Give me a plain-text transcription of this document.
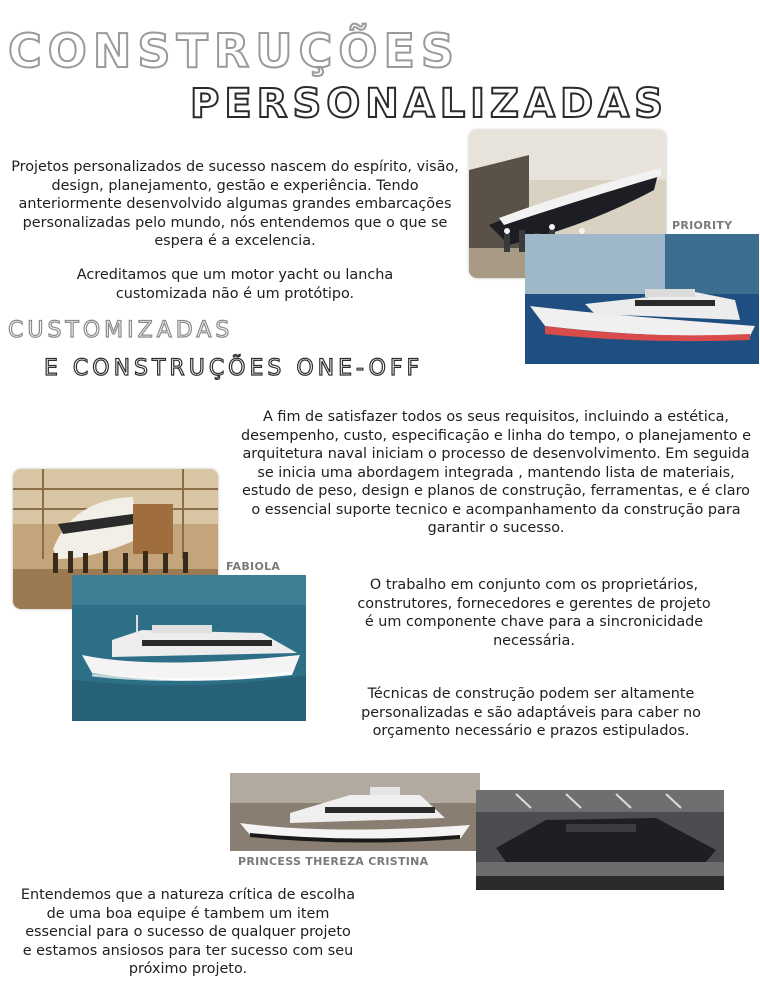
CONSTRUÇÕES
PERSONALIZADAS
Projetos personalizados de sucesso nascem do espírito, visão, design, planejamento, gestão e experiência. Tendo anteriormente desenvolvido algumas grandes embarcações personalizadas pelo mundo, nós entendemos que o que se espera é a excelencia.
Acreditamos que um motor yacht ou lancha customizada não é um protótipo.
PRIORITY
CUSTOMIZADAS
E CONSTRUÇÕES ONE-OFF
A fim de satisfazer todos os seus requisitos, incluindo a estética, desempenho, custo, especificação e linha do tempo, o planejamento e arquitetura naval iniciam o processo de desenvolvimento. Em seguida se inicia uma abordagem integrada , mantendo lista de materiais, estudo de peso, design e planos de construção, ferramentas, e é claro o essencial suporte tecnico e acompanhamento da construção para garantir o sucesso.
FABIOLA
O trabalho em conjunto com os proprietários, construtores, fornecedores e gerentes de projeto é um componente chave para a sincronicidade necessária.
Técnicas de construção podem ser altamente personalizadas e são adaptáveis para caber no orçamento necessário e prazos estipulados.
PRINCESS THEREZA CRISTINA
Entendemos que a natureza crítica de escolha de uma boa equipe é tambem um item essencial para o sucesso de qualquer projeto e estamos ansiosos para ter sucesso com seu próximo projeto.
